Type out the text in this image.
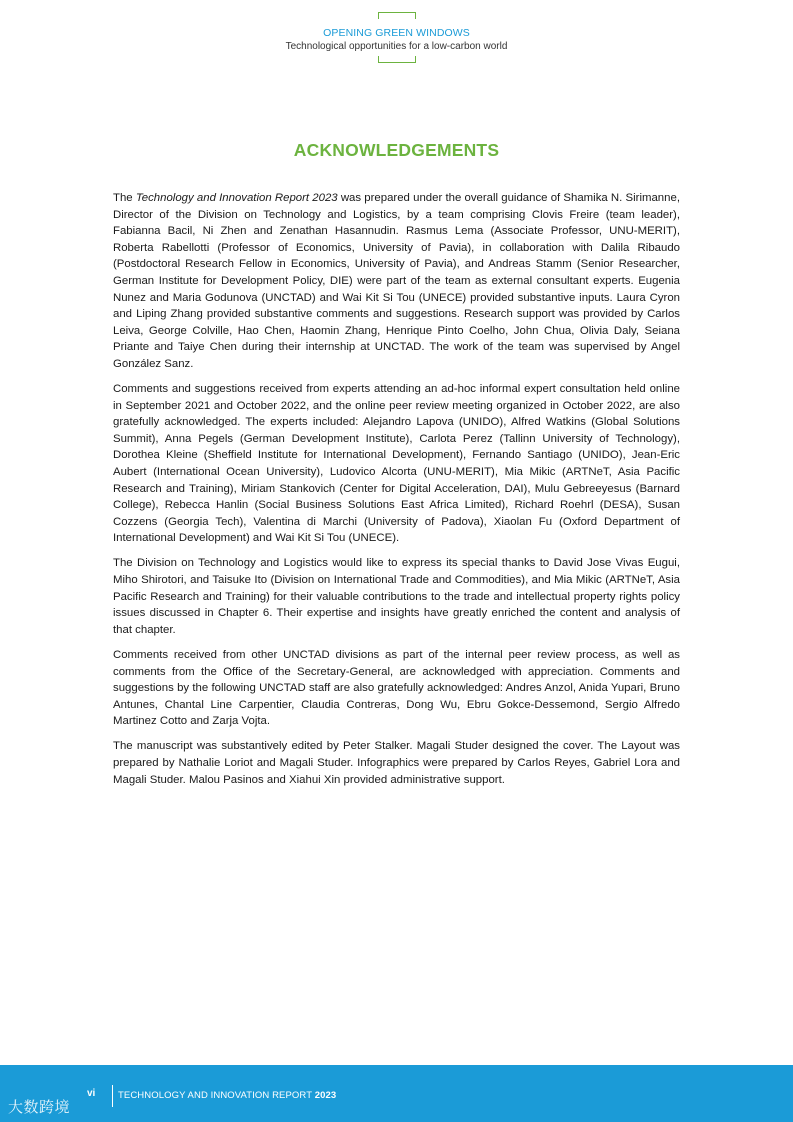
OPENING GREEN WINDOWS
Technological opportunities for a low-carbon world
ACKNOWLEDGEMENTS

The Technology and Innovation Report 2023 was prepared under the overall guidance of Shamika N. Sirimanne, Director of the Division on Technology and Logistics, by a team comprising Clovis Freire (team leader), Fabianna Bacil, Ni Zhen and Zenathan Hasannudin. Rasmus Lema (Associate Professor, UNU-MERIT), Roberta Rabellotti (Professor of Economics, University of Pavia), in collaboration with Dalila Ribaudo (Postdoctoral Research Fellow in Economics, University of Pavia), and Andreas Stamm (Senior Researcher, German Institute for Development Policy, DIE) were part of the team as external consultant experts. Eugenia Nunez and Maria Godunova (UNCTAD) and Wai Kit Si Tou (UNECE) provided substantive inputs. Laura Cyron and Liping Zhang provided substantive comments and suggestions. Research support was provided by Carlos Leiva, George Colville, Hao Chen, Haomin Zhang, Henrique Pinto Coelho, John Chua, Olivia Daly, Seiana Priante and Taiye Chen during their internship at UNCTAD. The work of the team was supervised by Angel González Sanz.

Comments and suggestions received from experts attending an ad-hoc informal expert consultation held online in September 2021 and October 2022, and the online peer review meeting organized in October 2022, are also gratefully acknowledged. The experts included: Alejandro Lapova (UNIDO), Alfred Watkins (Global Solutions Summit), Anna Pegels (German Development Institute), Carlota Perez (Tallinn University of Technology), Dorothea Kleine (Sheffield Institute for International Development), Fernando Santiago (UNIDO), Jean-Eric Aubert (International Ocean University), Ludovico Alcorta (UNU-MERIT), Mia Mikic (ARTNeT, Asia Pacific Research and Training), Miriam Stankovich (Center for Digital Acceleration, DAI), Mulu Gebreeyesus (Barnard College), Rebecca Hanlin (Social Business Solutions East Africa Limited), Richard Roehrl (DESA), Susan Cozzens (Georgia Tech), Valentina di Marchi (University of Padova), Xiaolan Fu (Oxford Department of International Development) and Wai Kit Si Tou (UNECE).

The Division on Technology and Logistics would like to express its special thanks to David Jose Vivas Eugui, Miho Shirotori, and Taisuke Ito (Division on International Trade and Commodities), and Mia Mikic (ARTNeT, Asia Pacific Research and Training) for their valuable contributions to the trade and intellectual property rights policy issues discussed in Chapter 6. Their expertise and insights have greatly enriched the content and analysis of that chapter.

Comments received from other UNCTAD divisions as part of the internal peer review process, as well as comments from the Office of the Secretary-General, are acknowledged with appreciation. Comments and suggestions by the following UNCTAD staff are also gratefully acknowledged: Andres Anzol, Anida Yupari, Bruno Antunes, Chantal Line Carpentier, Claudia Contreras, Dong Wu, Ebru Gokce-Dessemond, Sergio Alfredo Martinez Cotto and Zarja Vojta.

The manuscript was substantively edited by Peter Stalker. Magali Studer designed the cover. The Layout was prepared by Nathalie Loriot and Magali Studer. Infographics were prepared by Carlos Reyes, Gabriel Lora and Magali Studer. Malou Pasinos and Xiahui Xin provided administrative support.

vi TECHNOLOGY AND INNOVATION REPORT 2023
大数跨境
